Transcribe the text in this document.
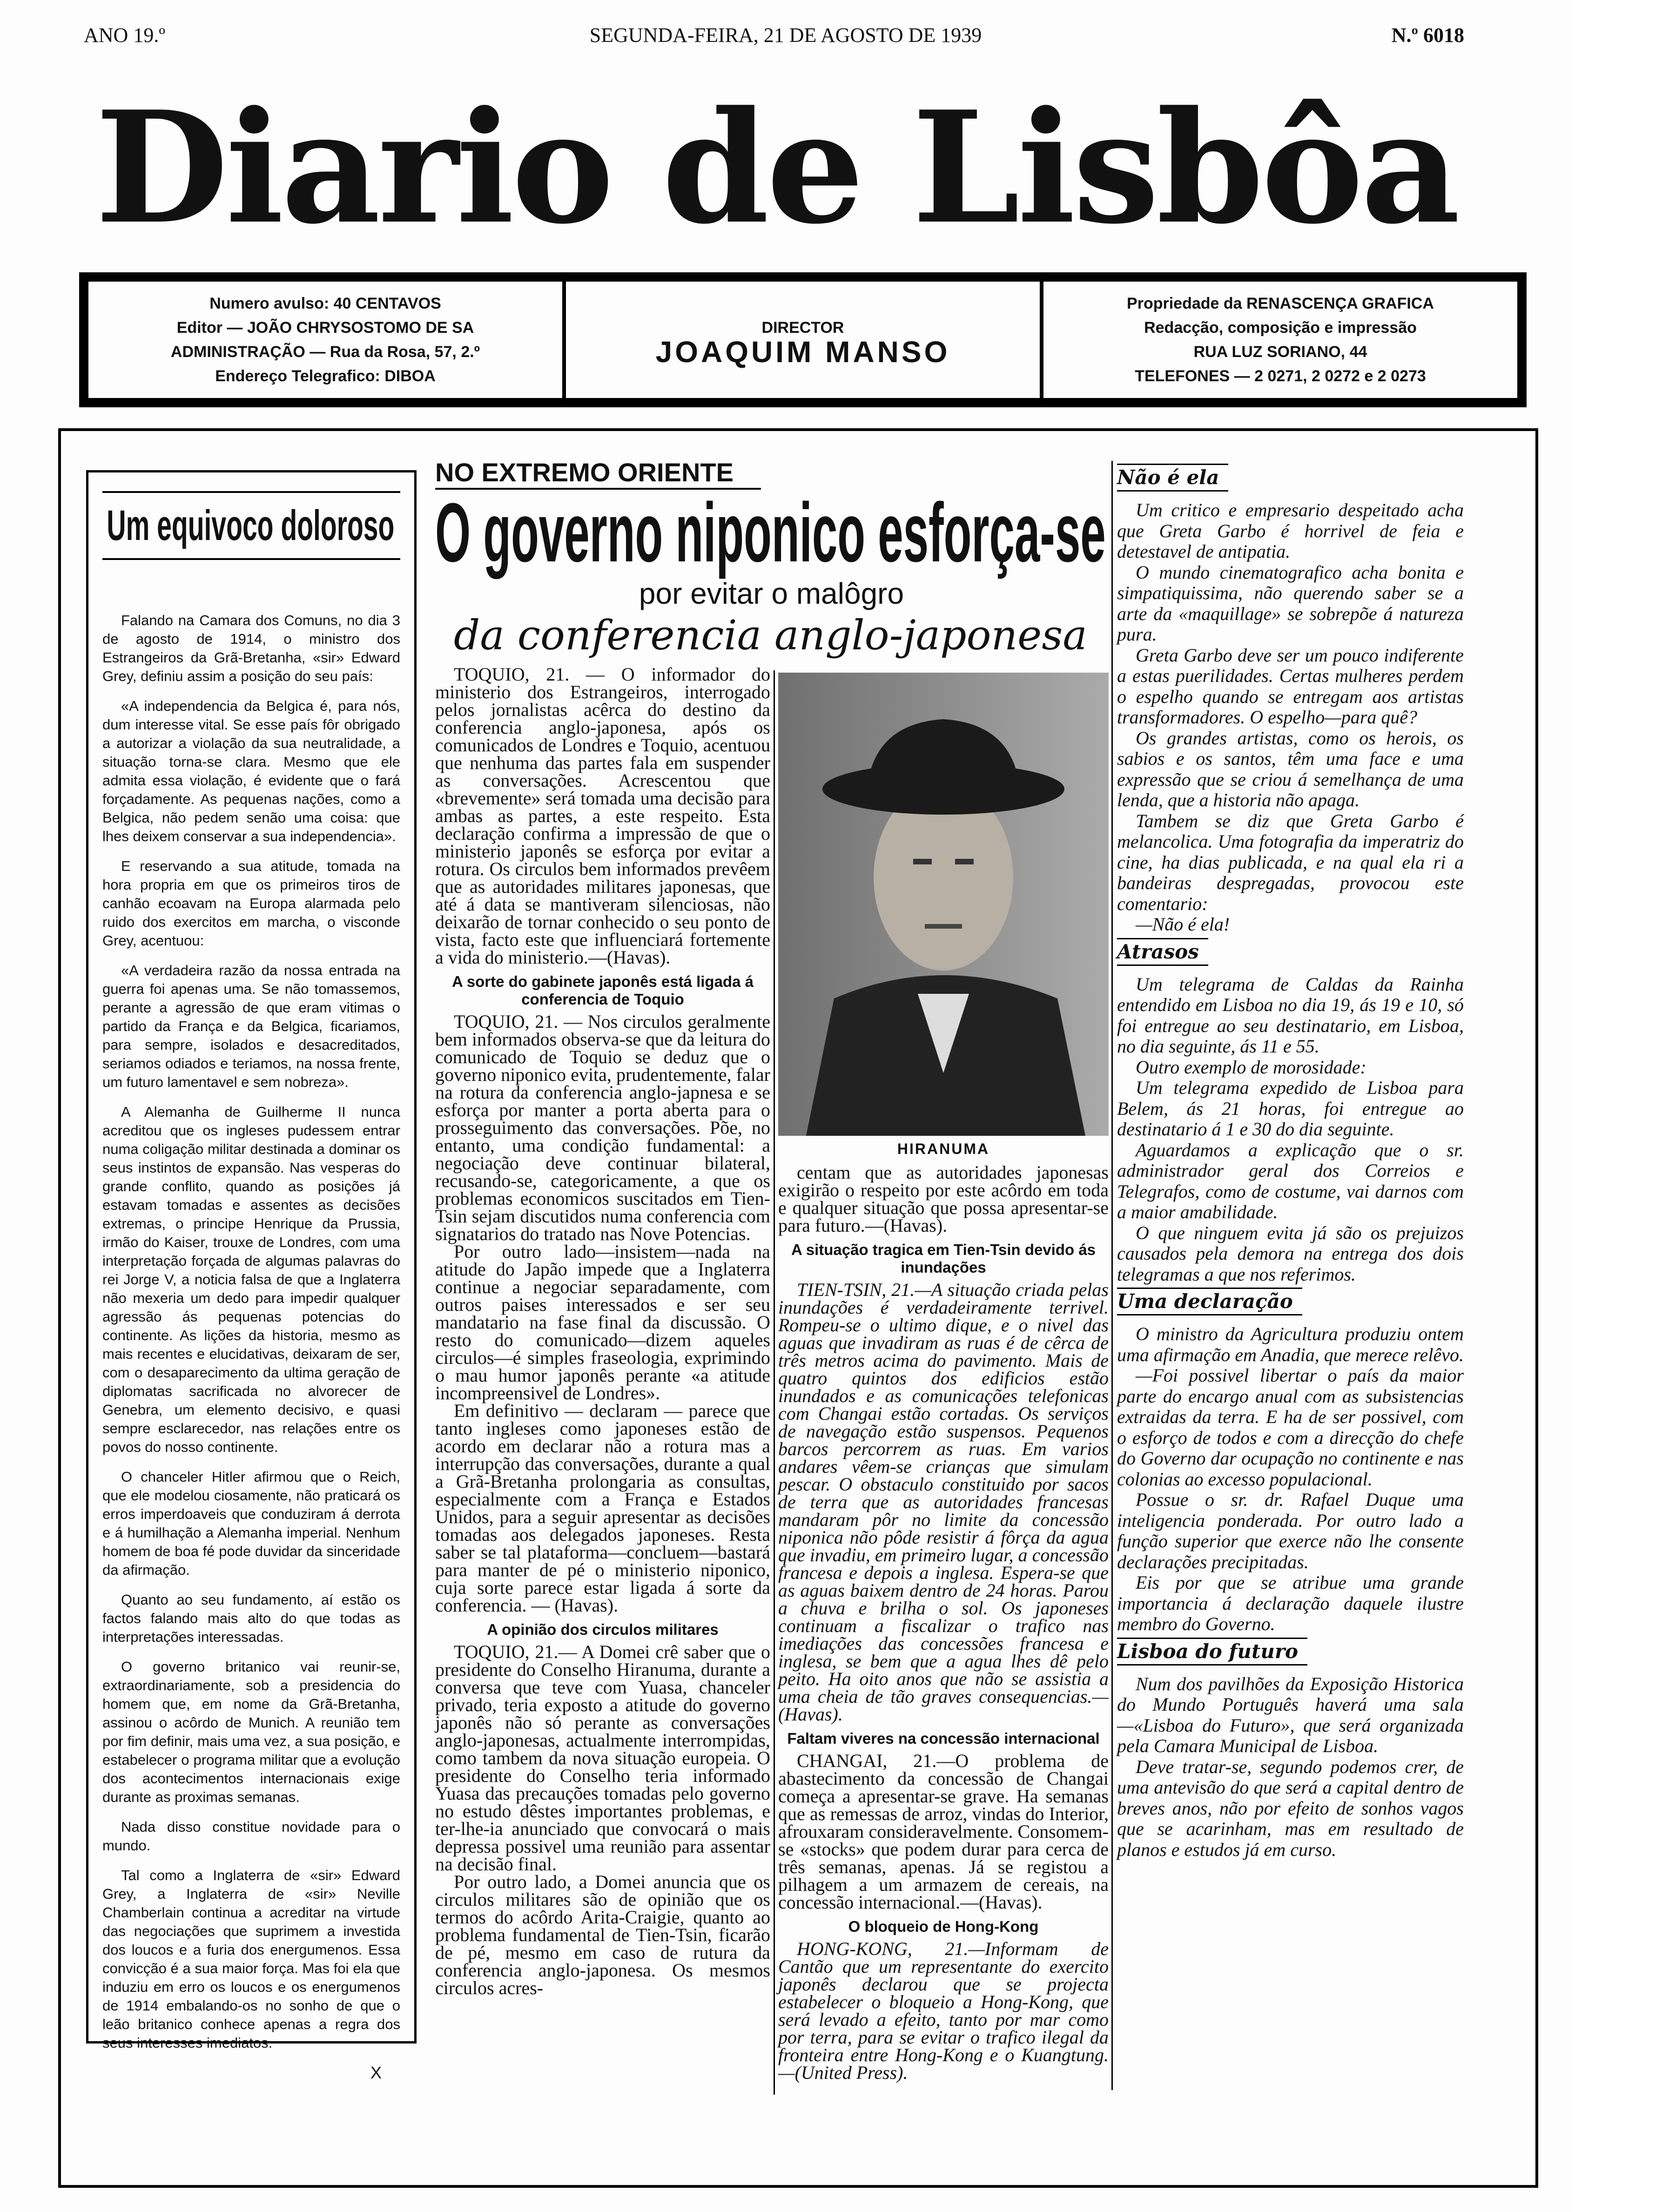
ANO 19.º	SEGUNDA-FEIRA, 21 DE AGOSTO DE 1939	N.º 6018
Diario de Lisbôa
Numero avulso: 40 CENTAVOS
Editor — JOÃO CHRYSOSTOMO DE SA
ADMINISTRAÇÃO — Rua da Rosa, 57, 2.º
Endereço Telegrafico: DIBOA
DIRECTOR
JOAQUIM MANSO
Propriedade da RENASCENÇA GRAFICA
Redacção, composição e impressão
RUA LUZ SORIANO, 44
TELEFONES — 2 0271, 2 0272 e 2 0273
Um equivoco doloroso

Falando na Camara dos Comuns, no dia 3 de agosto de 1914, o ministro dos Estrangeiros da Grã-Bretanha, «sir» Edward Grey, definiu assim a posição do seu país:

«A independencia da Belgica é, para nós, dum interesse vital. Se esse país fôr obrigado a autorizar a violação da sua neutralidade, a situação torna-se clara. Mesmo que ele admita essa violação, é evidente que o fará forçadamente. As pequenas nações, como a Belgica, não pedem senão uma coisa: que lhes deixem conservar a sua independencia».

E reservando a sua atitude, tomada na hora propria em que os primeiros tiros de canhão ecoavam na Europa alarmada pelo ruido dos exercitos em marcha, o visconde Grey, acentuou:

«A verdadeira razão da nossa entrada na guerra foi apenas uma. Se não tomassemos, perante a agressão de que eram vitimas o partido da França e da Belgica, ficariamos, para sempre, isolados e desacreditados, seriamos odiados e teriamos, na nossa frente, um futuro lamentavel e sem nobreza».

A Alemanha de Guilherme II nunca acreditou que os ingleses pudessem entrar numa coligação militar destinada a dominar os seus instintos de expansão. Nas vesperas do grande conflito, quando as posições já estavam tomadas e assentes as decisões extremas, o principe Henrique da Prussia, irmão do Kaiser, trouxe de Londres, com uma interpretação forçada de algumas palavras do rei Jorge V, a noticia falsa de que a Inglaterra não mexeria um dedo para impedir qualquer agressão ás pequenas potencias do continente. As lições da historia, mesmo as mais recentes e elucidativas, deixaram de ser, com o desaparecimento da ultima geração de diplomatas sacrificada no alvorecer de Genebra, um elemento decisivo, e quasi sempre esclarecedor, nas relações entre os povos do nosso continente.

O chanceler Hitler afirmou que o Reich, que ele modelou ciosamente, não praticará os erros imperdoaveis que conduziram á derrota e á humilhação a Alemanha imperial. Nenhum homem de boa fé pode duvidar da sinceridade da afirmação.

Quanto ao seu fundamento, aí estão os factos falando mais alto do que todas as interpretações interessadas.

O governo britanico vai reunir-se, extraordinariamente, sob a presidencia do homem que, em nome da Grã-Bretanha, assinou o acôrdo de Munich. A reunião tem por fim definir, mais uma vez, a sua posição, e estabelecer o programa militar que a evolução dos acontecimentos internacionais exige durante as proximas semanas.

Nada disso constitue novidade para o mundo.

Tal como a Inglaterra de «sir» Edward Grey, a Inglaterra de «sir» Neville Chamberlain continua a acreditar na virtude das negociações que suprimem a investida dos loucos e a furia dos energumenos. Essa convicção é a sua maior força. Mas foi ela que induziu em erro os loucos e os energumenos de 1914 embalando-os no sonho de que o leão britanico conhece apenas a regra dos seus interesses imediatos.

X
NO EXTREMO ORIENTE
O governo niponico esforça-se
por evitar o malôgro
da conferencia anglo-japonesa

TOQUIO, 21. — O informador do ministerio dos Estrangeiros, interrogado pelos jornalistas acêrca do destino da conferencia anglo-japonesa, após os comunicados de Londres e Toquio, acentuou que nenhuma das partes fala em suspender as conversações. Acrescentou que «brevemente» será tomada uma decisão para ambas as partes, a este respeito. Esta declaração confirma a impressão de que o ministerio japonês se esforça por evitar a rotura. Os circulos bem informados prevêem que as autoridades militares japonesas, que até á data se mantiveram silenciosas, não deixarão de tornar conhecido o seu ponto de vista, facto este que influenciará fortemente a vida do ministerio.—(Havas).

A sorte do gabinete japonês está ligada á conferencia de Toquio

TOQUIO, 21. — Nos circulos geralmente bem informados observa-se que da leitura do comunicado de Toquio se deduz que o governo niponico evita, prudentemente, falar na rotura da conferencia anglo-japnesa e se esforça por manter a porta aberta para o prosseguimento das conversações. Põe, no entanto, uma condição fundamental: a negociação deve continuar bilateral, recusando-se, categoricamente, a que os problemas economicos suscitados em Tien-Tsin sejam discutidos numa conferencia com signatarios do tratado nas Nove Potencias.

Por outro lado—insistem—nada na atitude do Japão impede que a Inglaterra continue a negociar separadamente, com outros paises interessados e ser seu mandatario na fase final da discussão. O resto do comunicado—dizem aqueles circulos—é simples fraseologia, exprimindo o mau humor japonês perante «a atitude incompreensivel de Londres».

Em definitivo — declaram — parece que tanto ingleses como japoneses estão de acordo em declarar não a rotura mas a interrupção das conversações, durante a qual a Grã-Bretanha prolongaria as consultas, especialmente com a França e Estados Unidos, para a seguir apresentar as decisões tomadas aos delegados japoneses. Resta saber se tal plataforma—concluem—bastará para manter de pé o ministerio niponico, cuja sorte parece estar ligada á sorte da conferencia. — (Havas).

A opinião dos circulos militares

TOQUIO, 21.— A Domei crê saber que o presidente do Conselho Hiranuma, durante a conversa que teve com Yuasa, chanceler privado, teria exposto a atitude do governo japonês não só perante as conversações anglo-japonesas, actualmente interrompidas, como tambem da nova situação europeia. O presidente do Conselho teria informado Yuasa das precauções tomadas pelo governo no estudo dêstes importantes problemas, e ter-lhe-ia anunciado que convocará o mais depressa possivel uma reunião para assentar na decisão final.

Por outro lado, a Domei anuncia que os circulos militares são de opinião que os termos do acôrdo Arita-Craigie, quanto ao problema fundamental de Tien-Tsin, ficarão de pé, mesmo em caso de rutura da conferencia anglo-japonesa. Os mesmos circulos acres-

HIRANUMA

centam que as autoridades japonesas exigirão o respeito por este acôrdo em toda e qualquer situação que possa apresentar-se para futuro.—(Havas).

A situação tragica em Tien-Tsin devido ás inundações

TIEN-TSIN, 21.—A situação criada pelas inundações é verdadeiramente terrivel. Rompeu-se o ultimo dique, e o nivel das aguas que invadiram as ruas é de cêrca de três metros acima do pavimento. Mais de quatro quintos dos edificios estão inundados e as comunicações telefonicas com Changai estão cortadas. Os serviços de navegação estão suspensos. Pequenos barcos percorrem as ruas. Em varios andares vêem-se crianças que simulam pescar. O obstaculo constituido por sacos de terra que as autoridades francesas mandaram pôr no limite da concessão niponica não pôde resistir á fôrça da agua que invadiu, em primeiro lugar, a concessão francesa e depois a inglesa. Espera-se que as aguas baixem dentro de 24 horas. Parou a chuva e brilha o sol. Os japoneses continuam a fiscalizar o trafico nas imediações das concessões francesa e inglesa, se bem que a agua lhes dê pelo peito. Ha oito anos que não se assistia a uma cheia de tão graves consequencias.—(Havas).

Faltam viveres na concessão internacional

CHANGAI, 21.—O problema de abastecimento da concessão de Changai começa a apresentar-se grave. Ha semanas que as remessas de arroz, vindas do Interior, afrouxaram consideravelmente. Consomem-se «stocks» que podem durar para cerca de três semanas, apenas. Já se registou a pilhagem a um armazem de cereais, na concessão internacional.—(Havas).

O bloqueio de Hong-Kong

HONG-KONG, 21.—Informam de Cantão que um representante do exercito japonês declarou que se projecta estabelecer o bloqueio a Hong-Kong, que será levado a efeito, tanto por mar como por terra, para se evitar o trafico ilegal da fronteira entre Hong-Kong e o Kuangtung.—(United Press).

Não é ela

Um critico e empresario despeitado acha que Greta Garbo é horrivel de feia e detestavel de antipatia.

O mundo cinematografico acha bonita e simpatiquissima, não querendo saber se a arte da «maquillage» se sobrepõe á natureza pura.

Greta Garbo deve ser um pouco indiferente a estas puerilidades. Certas mulheres perdem o espelho quando se entregam aos artistas transformadores. O espelho—para quê?

Os grandes artistas, como os herois, os sabios e os santos, têm uma face e uma expressão que se criou á semelhança de uma lenda, que a historia não apaga.

Tambem se diz que Greta Garbo é melancolica. Uma fotografia da imperatriz do cine, ha dias publicada, e na qual ela ri a bandeiras despregadas, provocou este comentario:

—Não é ela!

Atrasos

Um telegrama de Caldas da Rainha entendido em Lisboa no dia 19, ás 19 e 10, só foi entregue ao seu destinatario, em Lisboa, no dia seguinte, ás 11 e 55.

Outro exemplo de morosidade:

Um telegrama expedido de Lisboa para Belem, ás 21 horas, foi entregue ao destinatario á 1 e 30 do dia seguinte.

Aguardamos a explicação que o sr. administrador geral dos Correios e Telegrafos, como de costume, vai darnos com a maior amabilidade.

O que ninguem evita já são os prejuizos causados pela demora na entrega dos dois telegramas a que nos referimos.

Uma declaração

O ministro da Agricultura produziu ontem uma afirmação em Anadia, que merece relêvo.

—Foi possivel libertar o país da maior parte do encargo anual com as subsistencias extraidas da terra. E ha de ser possivel, com o esforço de todos e com a direcção do chefe do Governo dar ocupação no continente e nas colonias ao excesso populacional.

Possue o sr. dr. Rafael Duque uma inteligencia ponderada. Por outro lado a função superior que exerce não lhe consente declarações precipitadas.

Eis por que se atribue uma grande importancia á declaração daquele ilustre membro do Governo.

Lisboa do futuro

Num dos pavilhões da Exposição Historica do Mundo Português haverá uma sala—«Lisboa do Futuro», que será organizada pela Camara Municipal de Lisboa.

Deve tratar-se, segundo podemos crer, de uma antevisão do que será a capital dentro de breves anos, não por efeito de sonhos vagos que se acarinham, mas em resultado de planos e estudos já em curso.
